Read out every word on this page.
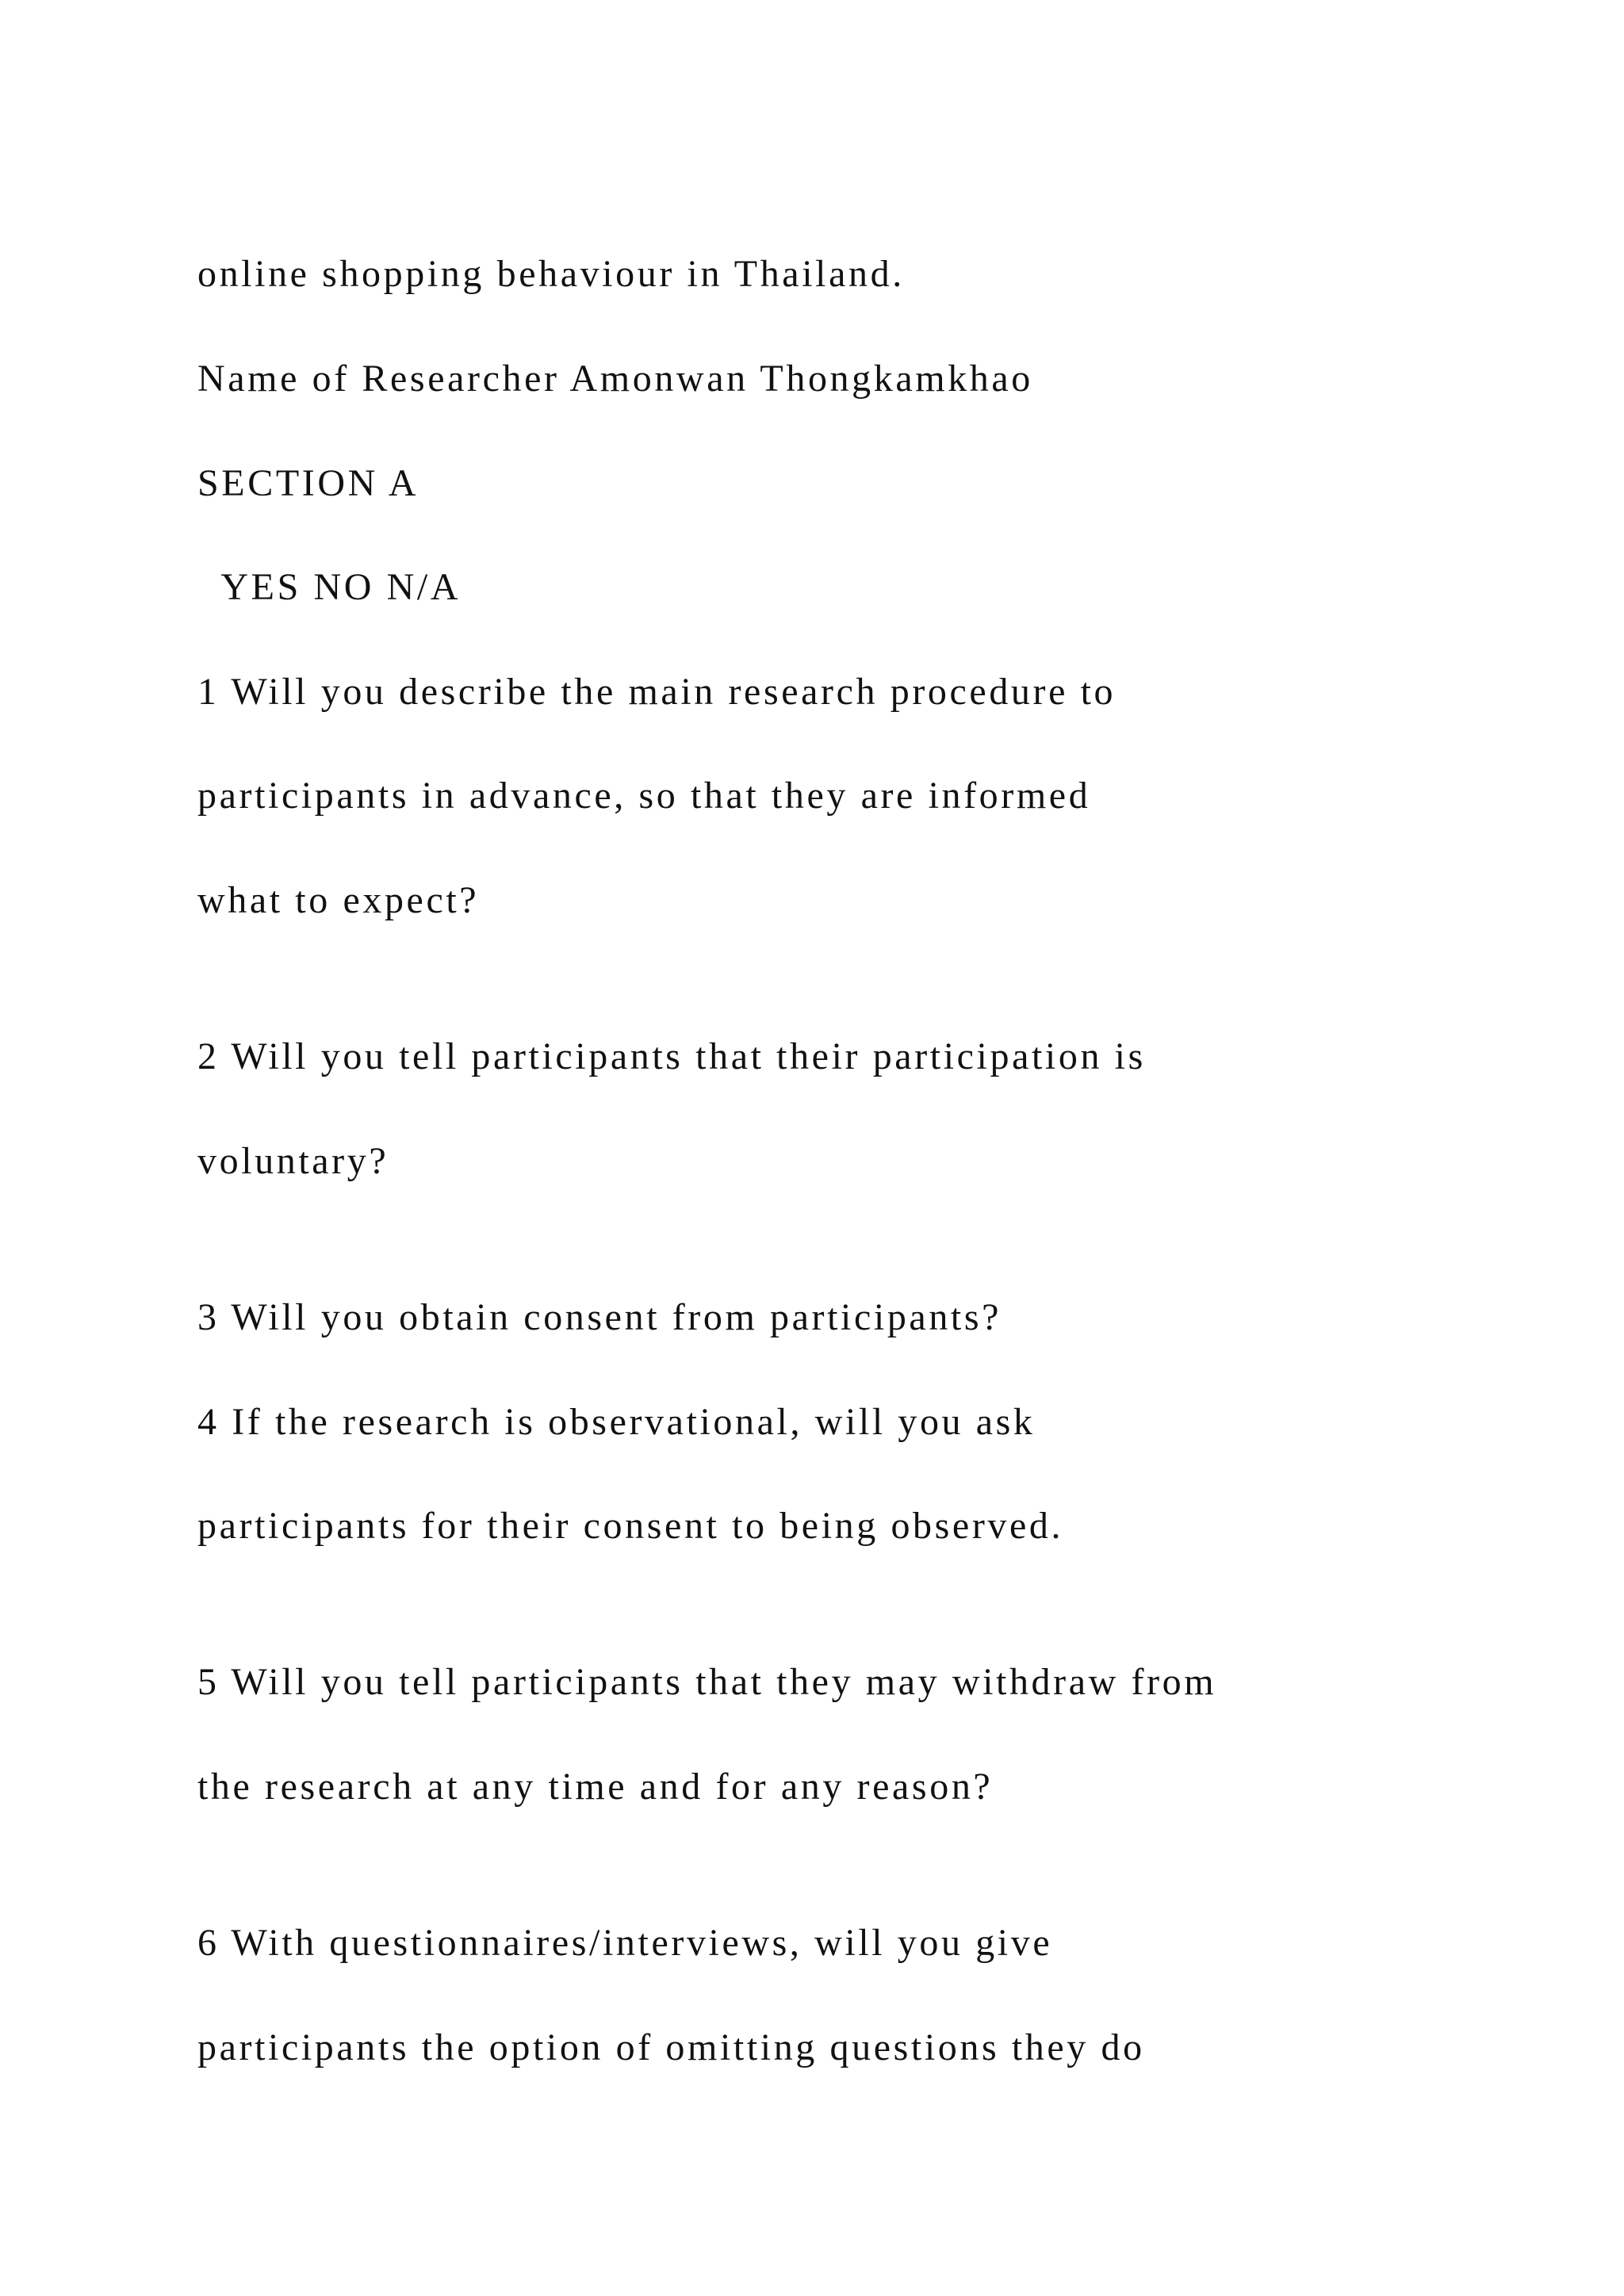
online shopping behaviour in Thailand.

Name of Researcher Amonwan Thongkamkhao

SECTION A

YES NO N/A

1 Will you describe the main research procedure to

participants in advance, so that they are informed

what to expect?

2 Will you tell participants that their participation is

voluntary?

3 Will you obtain consent from participants?

4 If the research is observational, will you ask

participants for their consent to being observed.

5 Will you tell participants that they may withdraw from

the research at any time and for any reason?

6 With questionnaires/interviews, will you give

participants the option of omitting questions they do
